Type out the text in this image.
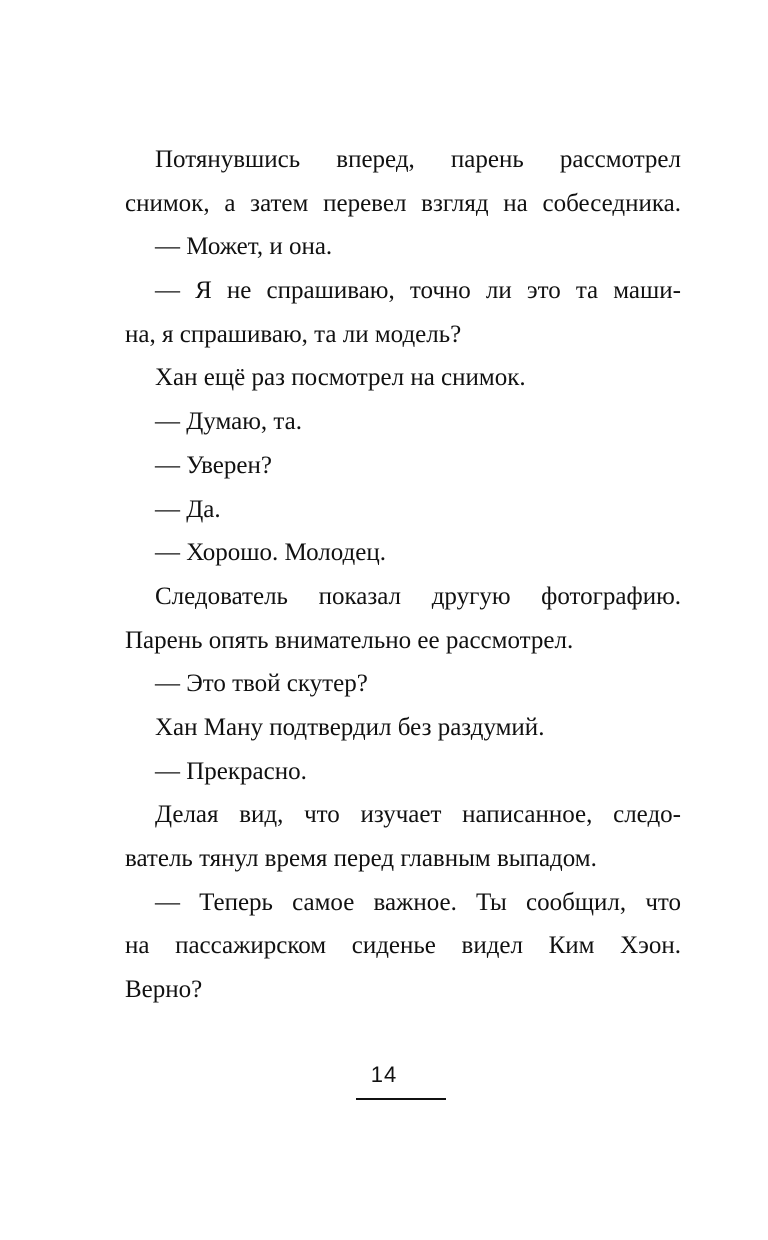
Потянувшись вперед, парень рассмотрел

снимок, а затем перевел взгляд на собеседника.

— Может, и она.

— Я не спрашиваю, точно ли это та маши-

на, я спрашиваю, та ли модель?

Хан ещё раз посмотрел на снимок.

— Думаю, та.

— Уверен?

— Да.

— Хорошо. Молодец.

Следователь показал другую фотографию.

Парень опять внимательно ее рассмотрел.

— Это твой скутер?

Хан Ману подтвердил без раздумий.

— Прекрасно.

Делая вид, что изучает написанное, следо-

ватель тянул время перед главным выпадом.

— Теперь самое важное. Ты сообщил, что

на пассажирском сиденье видел Ким Хэон.

Верно?

14
